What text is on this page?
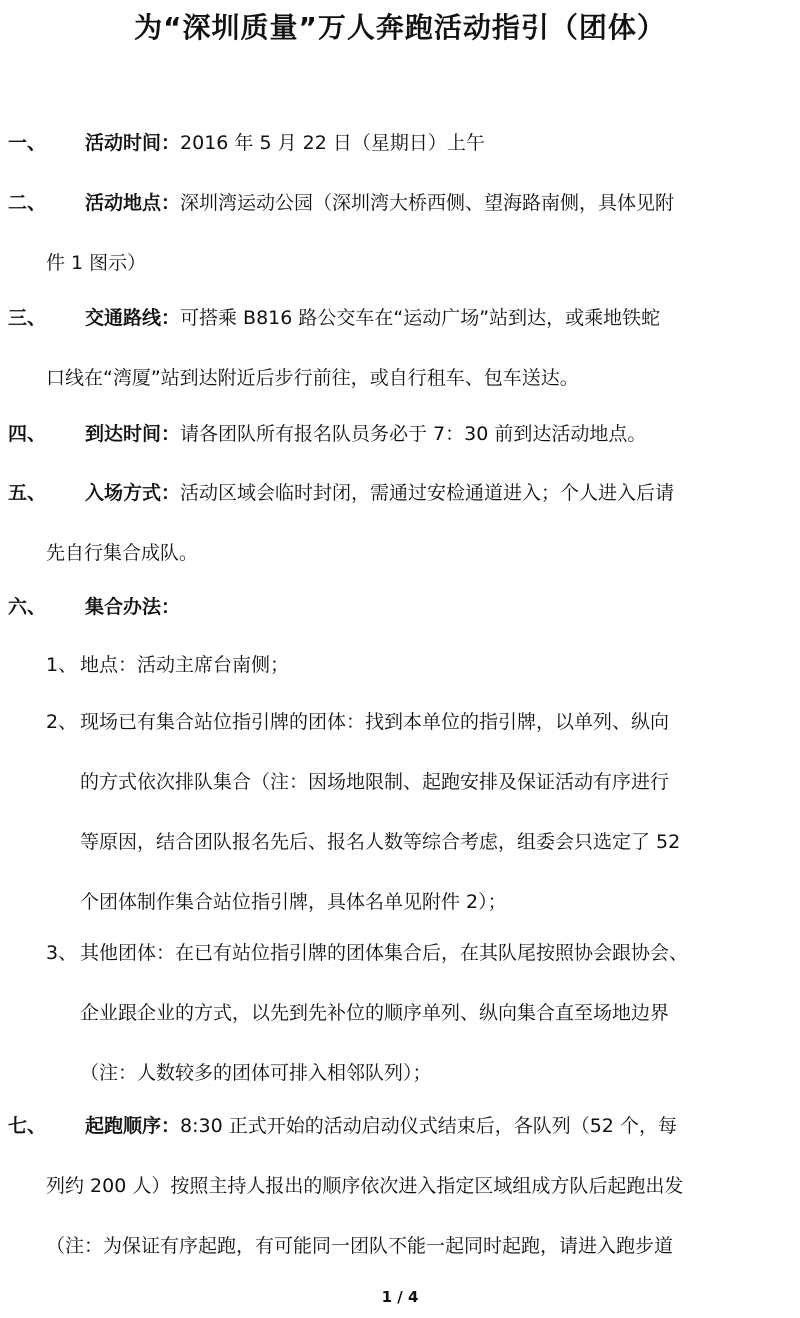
为“深圳质量”万人奔跑活动指引（团体）
一、 活动时间：2016 年 5 月 22 日（星期日）上午
二、 活动地点：深圳湾运动公园（深圳湾大桥西侧、望海路南侧，具体见附
件 1 图示）
三、 交通路线：可搭乘 B816 路公交车在“运动广场”站到达，或乘地铁蛇
口线在“湾厦”站到达附近后步行前往，或自行租车、包车送达。
四、 到达时间：请各团队所有报名队员务必于 7：30 前到达活动地点。
五、 入场方式：活动区域会临时封闭，需通过安检通道进入；个人进入后请
先自行集合成队。
六、 集合办法：
1、 地点：活动主席台南侧；
2、 现场已有集合站位指引牌的团体：找到本单位的指引牌，以单列、纵向
的方式依次排队集合（注：因场地限制、起跑安排及保证活动有序进行
等原因，结合团队报名先后、报名人数等综合考虑，组委会只选定了 52
个团体制作集合站位指引牌，具体名单见附件 2）；
3、 其他团体：在已有站位指引牌的团体集合后，在其队尾按照协会跟协会、
企业跟企业的方式，以先到先补位的顺序单列、纵向集合直至场地边界
（注：人数较多的团体可排入相邻队列）；
七、 起跑顺序：8:30 正式开始的活动启动仪式结束后，各队列（52 个，每
列约 200 人）按照主持人报出的顺序依次进入指定区域组成方队后起跑出发
（注：为保证有序起跑，有可能同一团队不能一起同时起跑，请进入跑步道
1 / 4
